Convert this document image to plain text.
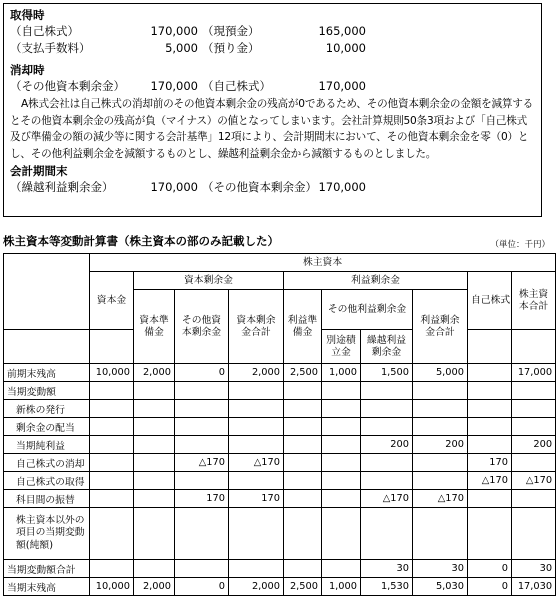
取得時
（自己株式）	170,000 （現預金）	165,000
（支払手数料）	5,000 （預り金）	10,000
消却時
（その他資本剰余金）	170,000 （自己株式）	170,000
A株式会社は自己株式の消却前のその他資本剰余金の残高が0であるため、その他資本剰余金の金額を減算するとその他資本剰余金の残高が負（マイナス）の値となってしまいます。会社計算規則50条3項および「自己株式及び準備金の額の減少等に関する会計基準」12項により、会計期間末において、その他資本剰余金を零（0）とし、その他利益剰余金を減額するものとし、繰越利益剰余金から減額するものとしました。
会計期間末
（繰越利益剰余金）	170,000 （その他資本剰余金） 170,000
株主資本等変動計算書（株主資本の部のみ記載した）	（単位：千円）
	株主資本									
	資本金	資本剰余金			利益剰余金				自己株式	株主資本合計
		資本準備金	その他資本剰余金	資本剰余金合計	利益準備金	その他利益剰余金		利益剰余金合計		
						別途積立金	繰越利益剰余金			
前期末残高	10,000	2,000	0	2,000	2,500	1,000	1,500	5,000		17,000
当期変動額										
新株の発行										
剰余金の配当										
当期純利益							200	200		200
自己株式の消却			△170	△170					170	
自己株式の取得									△170	△170
科目間の振替			170	170			△170	△170		
株主資本以外の項目の当期変動額(純額)										
当期変動額合計							30	30	0	30
当期末残高	10,000	2,000	0	2,000	2,500	1,000	1,530	5,030	0	17,030
